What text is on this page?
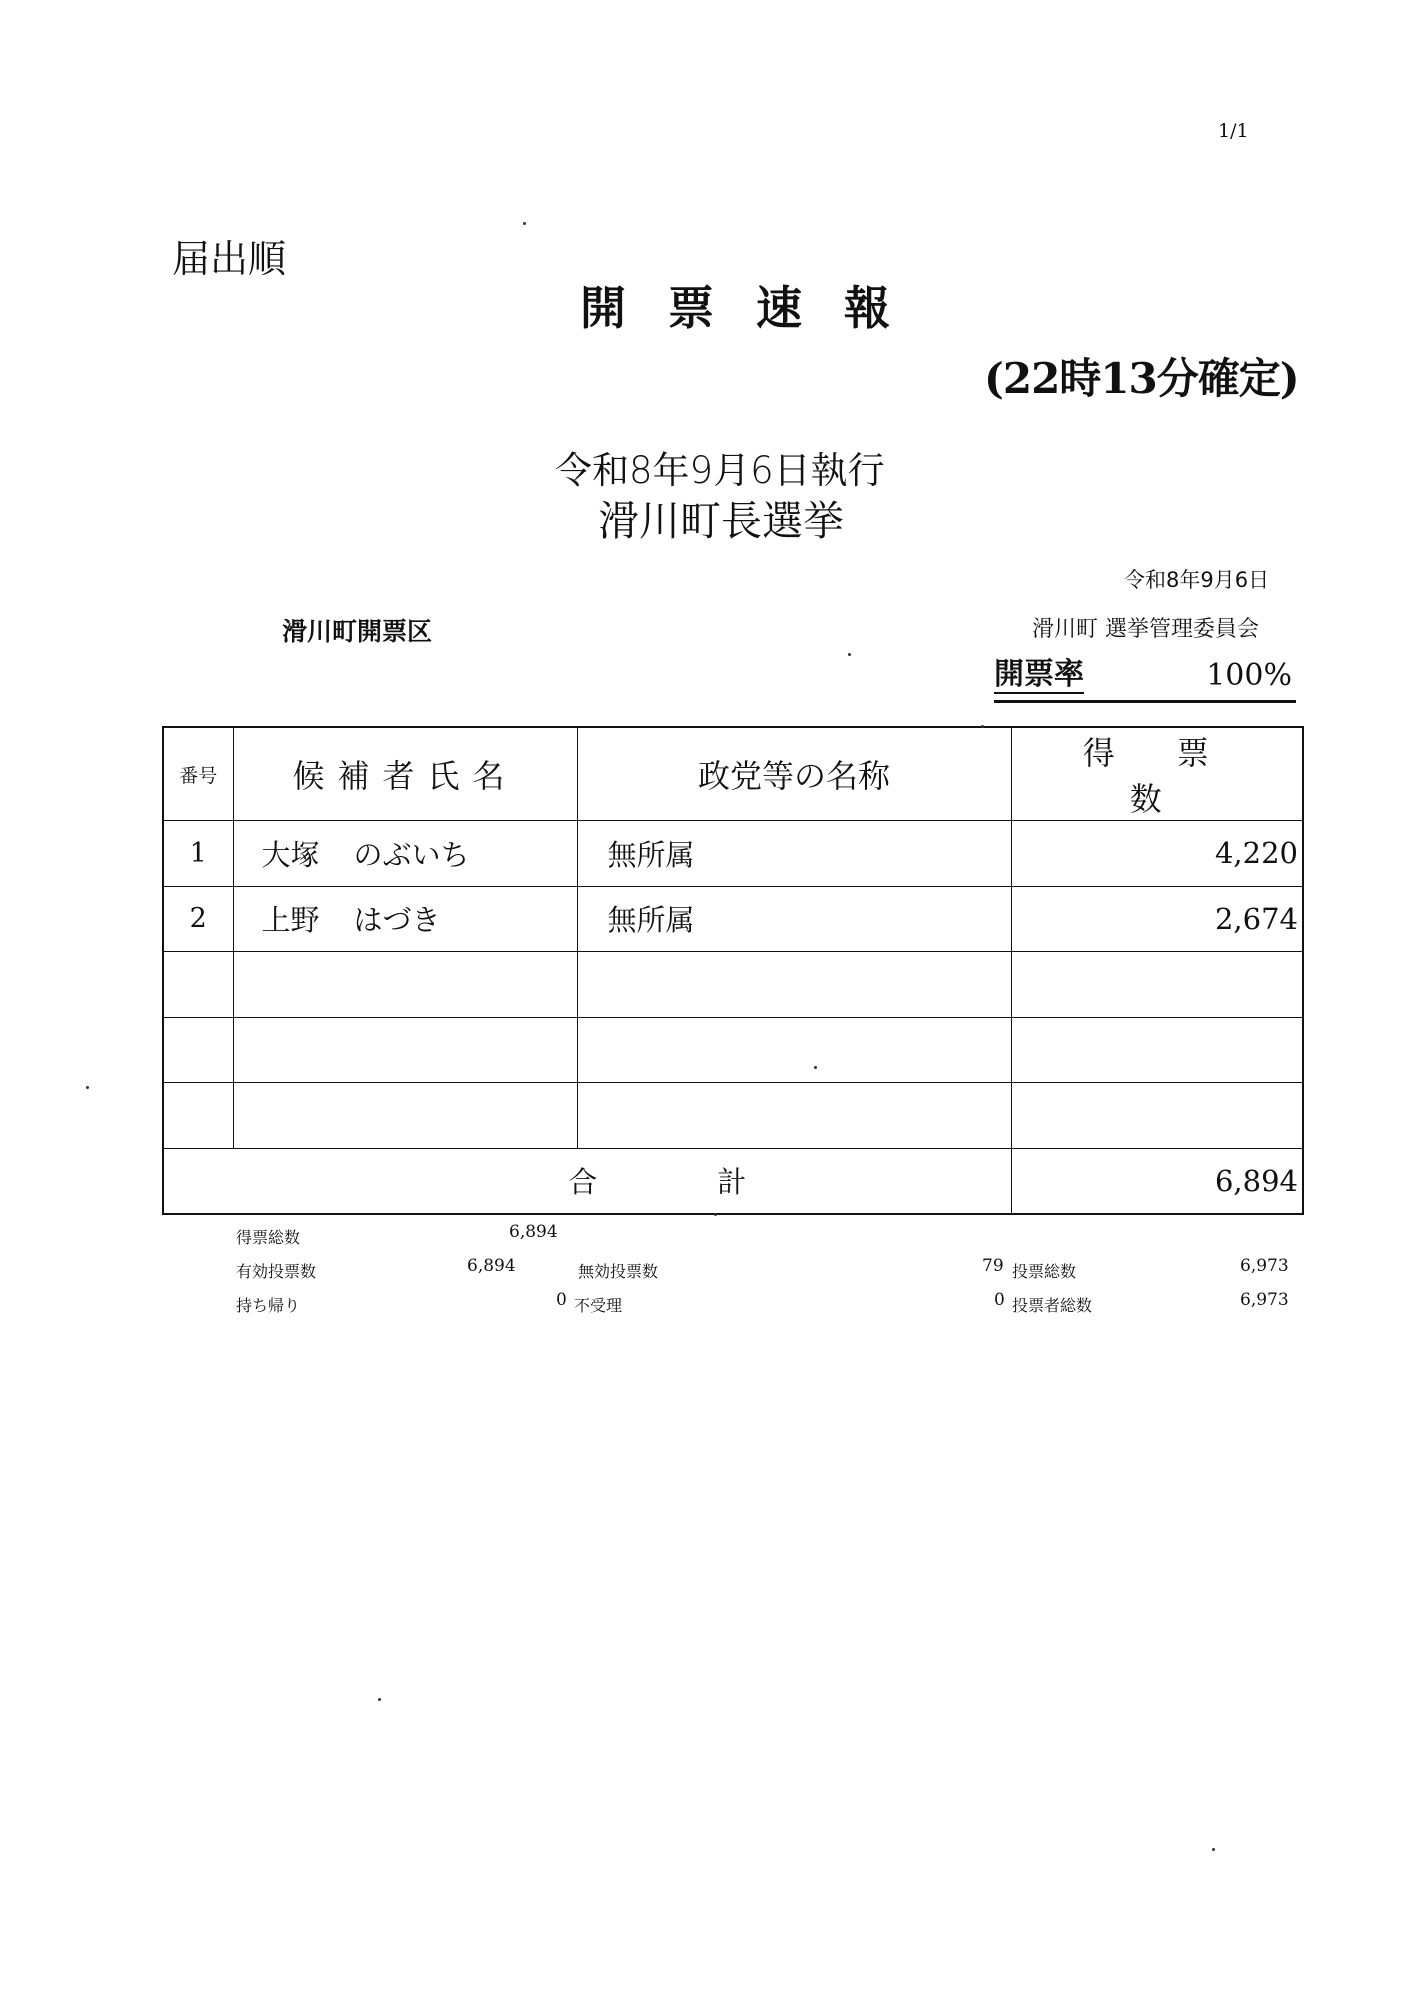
1/1
届出順
開票速報
(22時13分確定)
令和8年9月6日執行
滑川町長選挙
令和8年9月6日
滑川町開票区	滑川町 選挙管理委員会
開票率	100%
番号	候補者氏名	政党等の名称	得票数
1	大塚 のぶいち	無所属	4,220
2	上野 はづき	無所属	2,674

合計			6,894
得票総数	6,894
有効投票数	6,894	無効投票数	79 投票総数	6,973
持ち帰り	0 不受理	0 投票者総数	6,973
